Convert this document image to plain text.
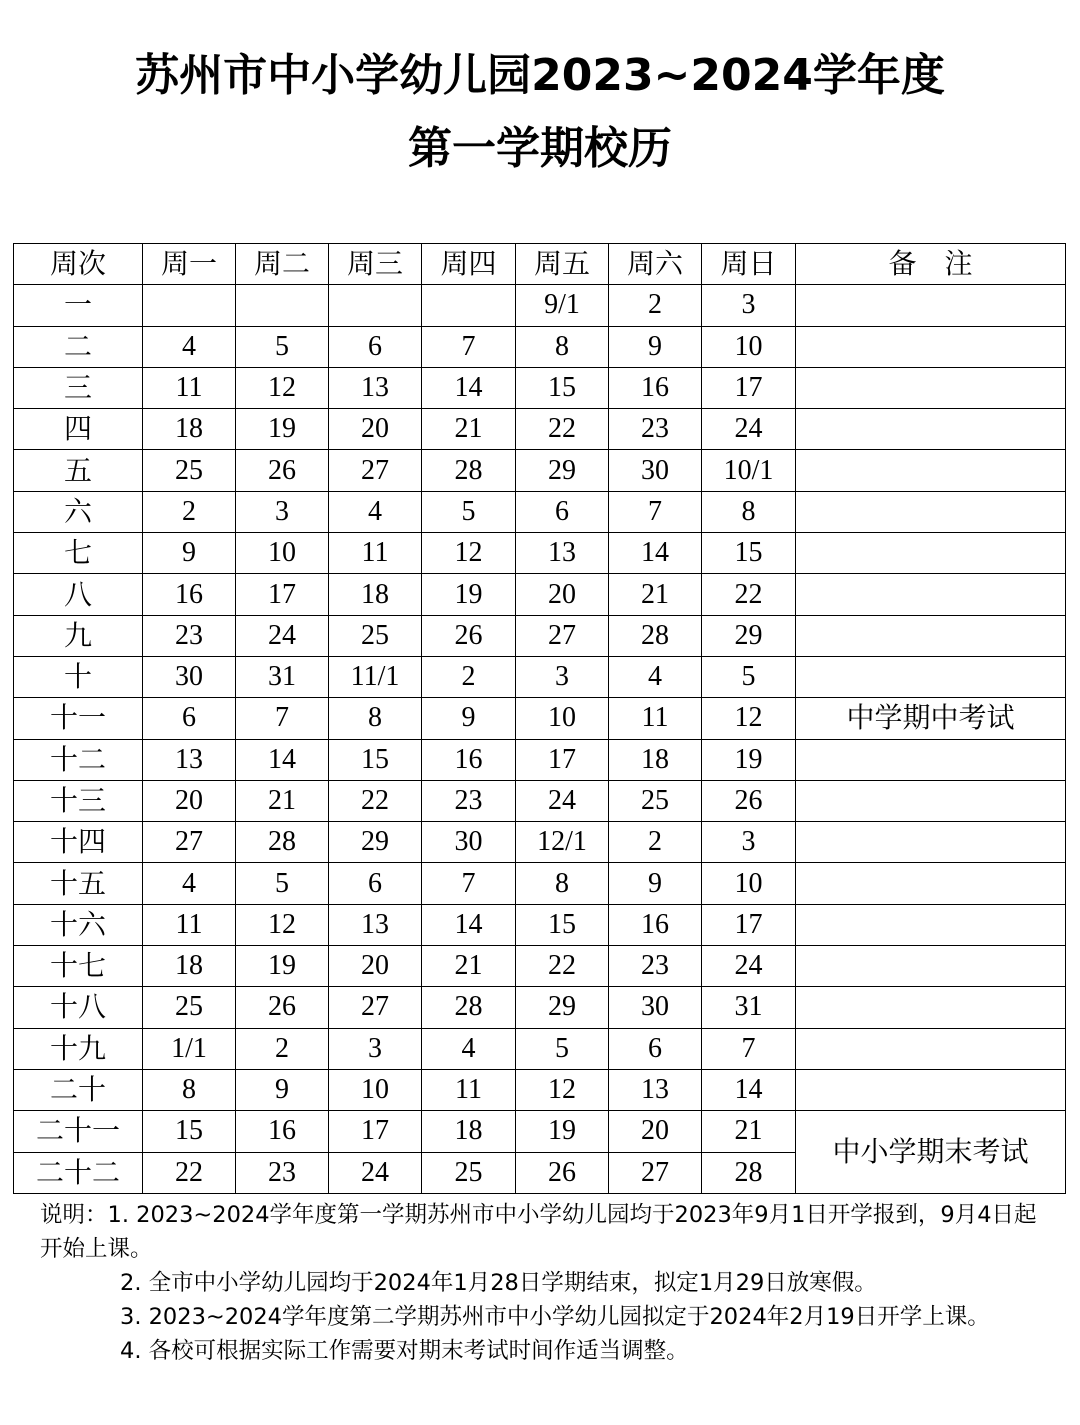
苏州市中小学幼儿园2023~2024学年度
第一学期校历
周次	周一	周二	周三	周四	周五	周六	周日	备　注
一					9/1	2	3	
二	4	5	6	7	8	9	10	
三	11	12	13	14	15	16	17	
四	18	19	20	21	22	23	24	
五	25	26	27	28	29	30	10/1	
六	2	3	4	5	6	7	8	
七	9	10	11	12	13	14	15	
八	16	17	18	19	20	21	22	
九	23	24	25	26	27	28	29	
十	30	31	11/1	2	3	4	5	
十一	6	7	8	9	10	11	12	中学期中考试
十二	13	14	15	16	17	18	19	
十三	20	21	22	23	24	25	26	
十四	27	28	29	30	12/1	2	3	
十五	4	5	6	7	8	9	10	
十六	11	12	13	14	15	16	17	
十七	18	19	20	21	22	23	24	
十八	25	26	27	28	29	30	31	
十九	1/1	2	3	4	5	6	7	
二十	8	9	10	11	12	13	14	
二十一	15	16	17	18	19	20	21	中小学期末考试
二十二	22	23	24	25	26	27	28	

说明：1. 2023~2024学年度第一学期苏州市中小学幼儿园均于2023年9月1日开学报到，9月4日起开始上课。

2. 全市中小学幼儿园均于2024年1月28日学期结束，拟定1月29日放寒假。

3. 2023~2024学年度第二学期苏州市中小学幼儿园拟定于2024年2月19日开学上课。

4. 各校可根据实际工作需要对期末考试时间作适当调整。
